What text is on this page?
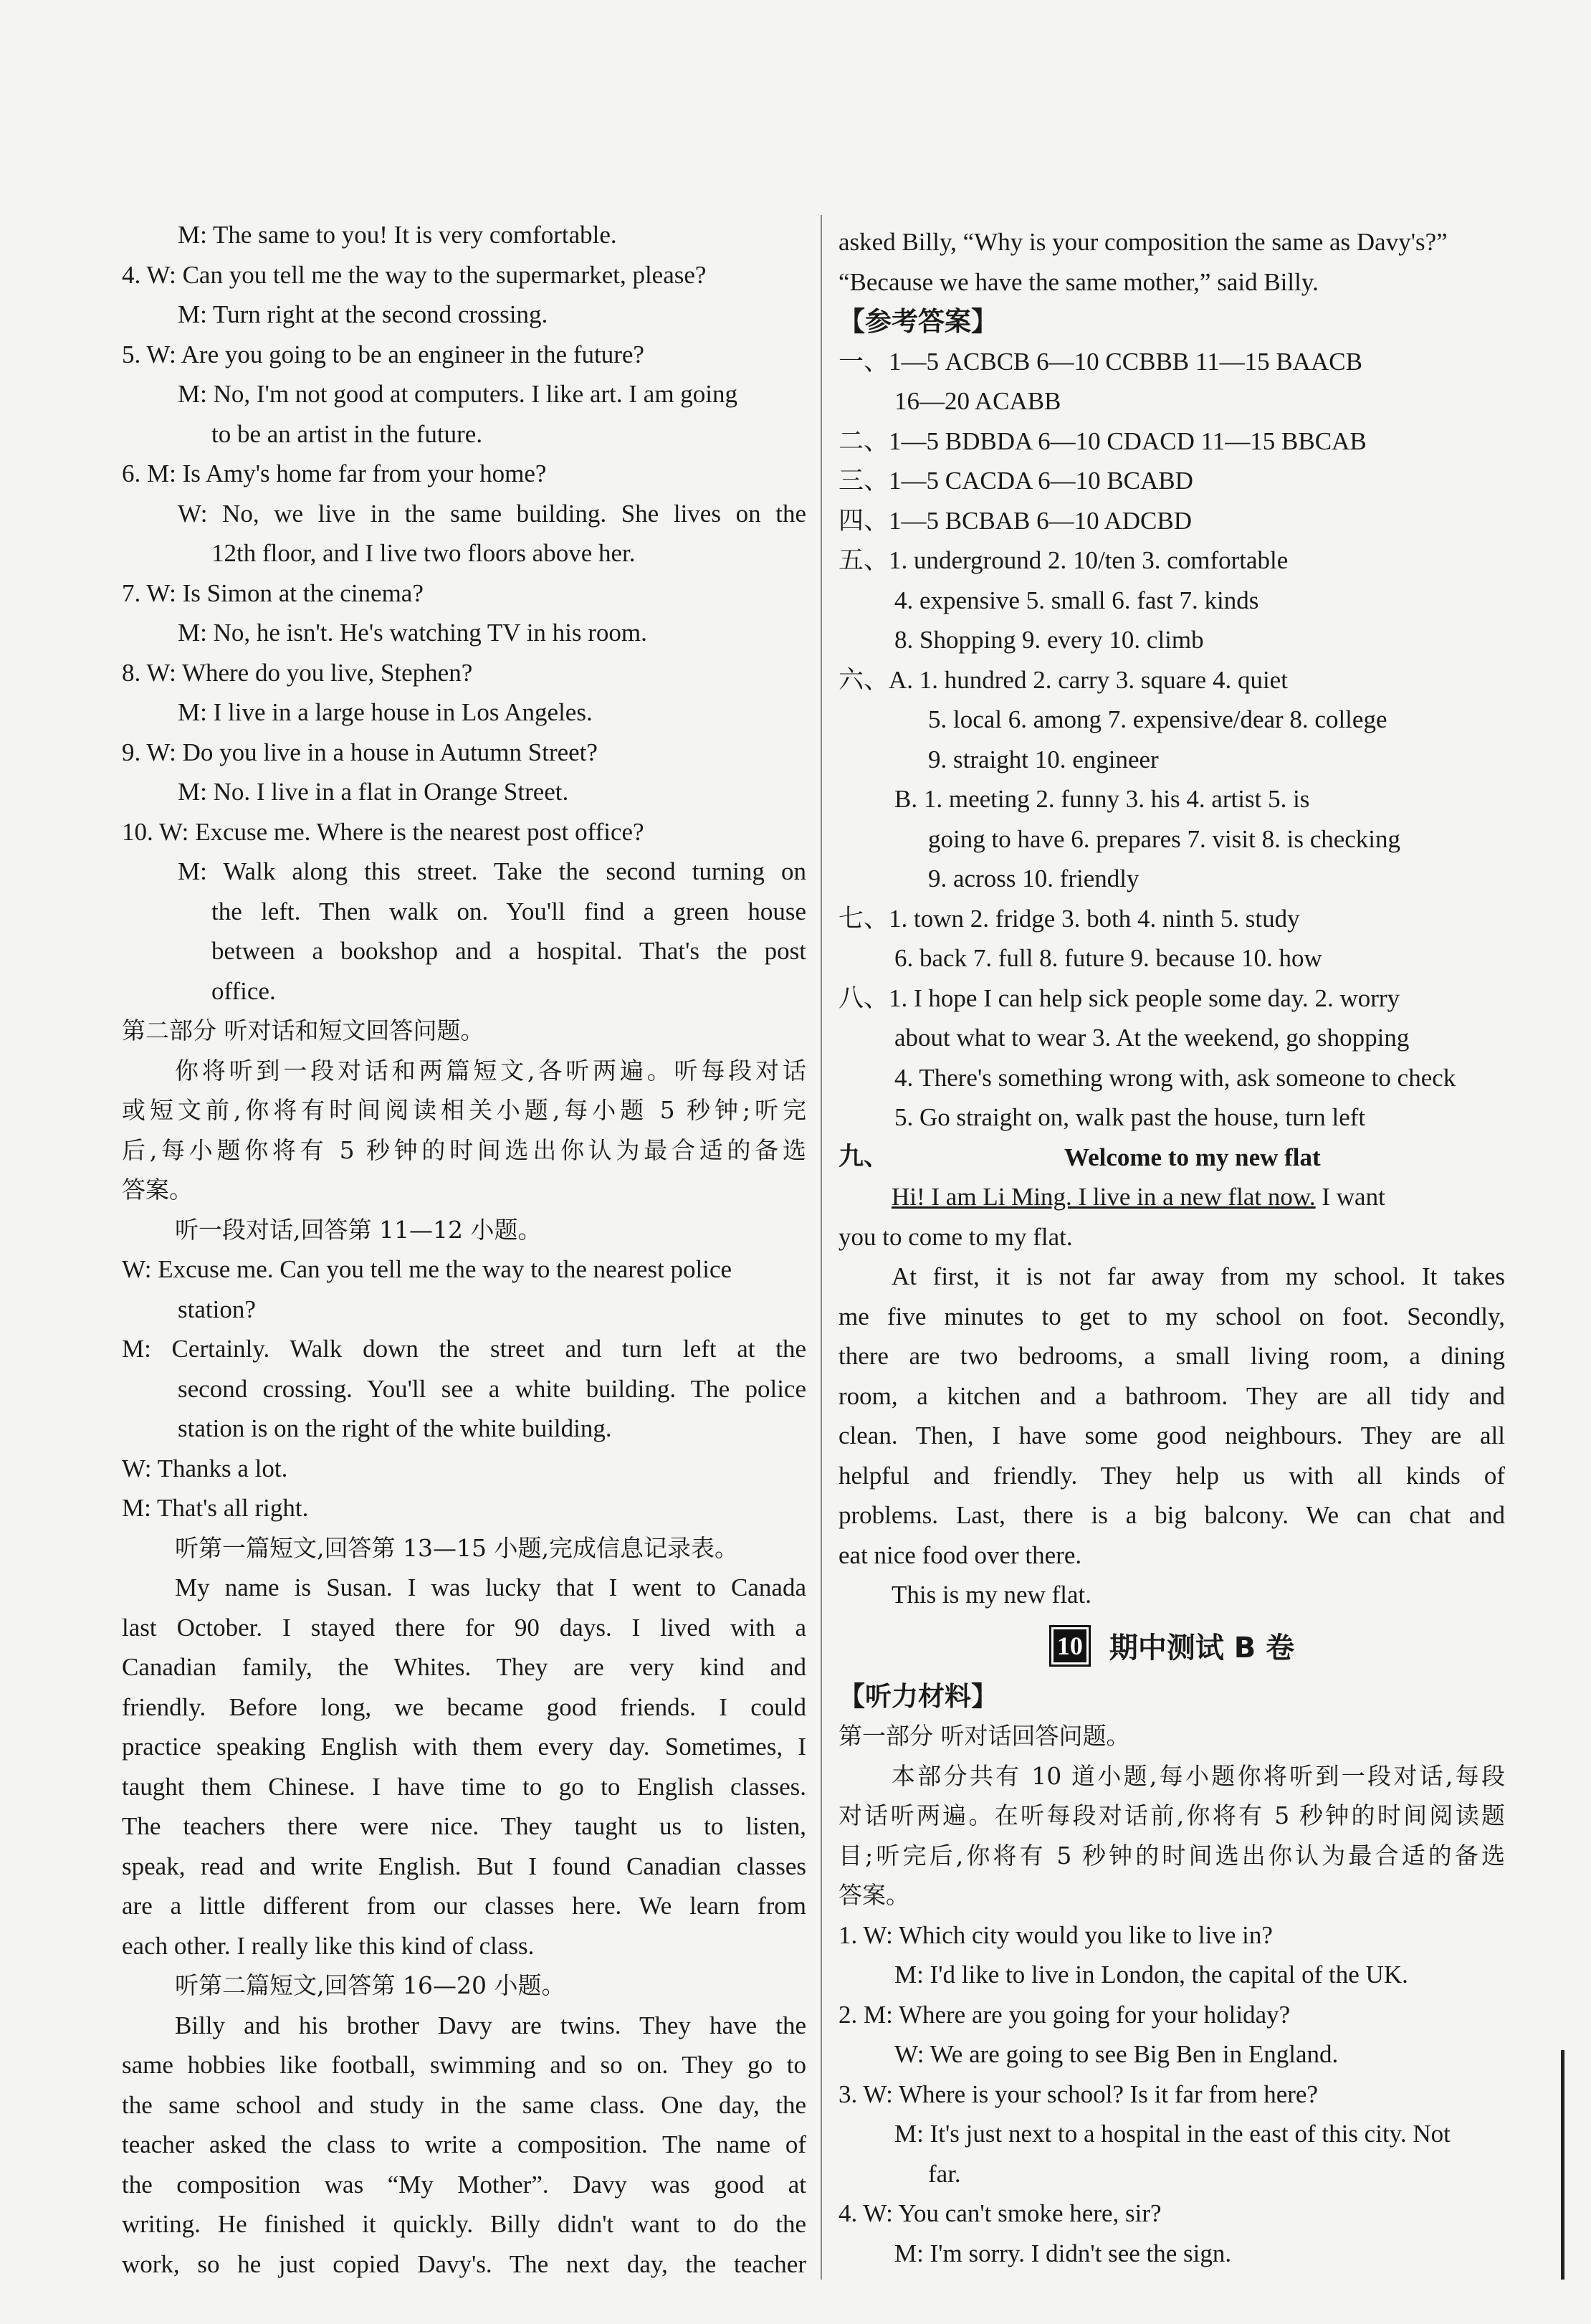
M: The same to you! It is very comfortable.
4. W: Can you tell me the way to the supermarket, please?
M: Turn right at the second crossing.
5. W: Are you going to be an engineer in the future?
M: No, I'm not good at computers. I like art. I am going
to be an artist in the future.
6. M: Is Amy's home far from your home?
W: No, we live in the same building. She lives on the
12th floor, and I live two floors above her.
7. W: Is Simon at the cinema?
M: No, he isn't. He's watching TV in his room.
8. W: Where do you live, Stephen?
M: I live in a large house in Los Angeles.
9. W: Do you live in a house in Autumn Street?
M: No. I live in a flat in Orange Street.
10. W: Excuse me. Where is the nearest post office?
M: Walk along this street. Take the second turning on
the left. Then walk on. You'll find a green house
between a bookshop and a hospital. That's the post
office.
第二部分 听对话和短文回答问题。
你将听到一段对话和两篇短文,各听两遍。听每段对话
或短文前,你将有时间阅读相关小题,每小题 5 秒钟;听完
后,每小题你将有 5 秒钟的时间选出你认为最合适的备选
答案。
听一段对话,回答第 11—12 小题。
W: Excuse me. Can you tell me the way to the nearest police
station?
M: Certainly. Walk down the street and turn left at the
second crossing. You'll see a white building. The police
station is on the right of the white building.
W: Thanks a lot.
M: That's all right.
听第一篇短文,回答第 13—15 小题,完成信息记录表。
My name is Susan. I was lucky that I went to Canada
last October. I stayed there for 90 days. I lived with a
Canadian family, the Whites. They are very kind and
friendly. Before long, we became good friends. I could
practice speaking English with them every day. Sometimes, I
taught them Chinese. I have time to go to English classes.
The teachers there were nice. They taught us to listen,
speak, read and write English. But I found Canadian classes
are a little different from our classes here. We learn from
each other. I really like this kind of class.
听第二篇短文,回答第 16—20 小题。
Billy and his brother Davy are twins. They have the
same hobbies like football, swimming and so on. They go to
the same school and study in the same class. One day, the
teacher asked the class to write a composition. The name of
the composition was “My Mother”. Davy was good at
writing. He finished it quickly. Billy didn't want to do the
work, so he just copied Davy's. The next day, the teacher
asked Billy, “Why is your composition the same as Davy's?”
“Because we have the same mother,” said Billy.
【参考答案】
一、1—5 ACBCB 6—10 CCBBB 11—15 BAACB
16—20 ACABB
二、1—5 BDBDA 6—10 CDACD 11—15 BBCAB
三、1—5 CACDA 6—10 BCABD
四、1—5 BCBAB 6—10 ADCBD
五、1. underground 2. 10/ten 3. comfortable
4. expensive 5. small 6. fast 7. kinds
8. Shopping 9. every 10. climb
六、A. 1. hundred 2. carry 3. square 4. quiet
5. local 6. among 7. expensive/dear 8. college
9. straight 10. engineer
B. 1. meeting 2. funny 3. his 4. artist 5. is
going to have 6. prepares 7. visit 8. is checking
9. across 10. friendly
七、1. town 2. fridge 3. both 4. ninth 5. study
6. back 7. full 8. future 9. because 10. how
八、1. I hope I can help sick people some day. 2. worry
about what to wear 3. At the weekend, go shopping
4. There's something wrong with, ask someone to check
5. Go straight on, walk past the house, turn left
九、	Welcome to my new flat
Hi! I am Li Ming. I live in a new flat now. I want
you to come to my flat.
At first, it is not far away from my school. It takes
me five minutes to get to my school on foot. Secondly,
there are two bedrooms, a small living room, a dining
room, a kitchen and a bathroom. They are all tidy and
clean. Then, I have some good neighbours. They are all
helpful and friendly. They help us with all kinds of
problems. Last, there is a big balcony. We can chat and
eat nice food over there.
This is my new flat.
10 期中测试 B 卷
【听力材料】
第一部分 听对话回答问题。
本部分共有 10 道小题,每小题你将听到一段对话,每段
对话听两遍。在听每段对话前,你将有 5 秒钟的时间阅读题
目;听完后,你将有 5 秒钟的时间选出你认为最合适的备选
答案。
1. W: Which city would you like to live in?
M: I'd like to live in London, the capital of the UK.
2. M: Where are you going for your holiday?
W: We are going to see Big Ben in England.
3. W: Where is your school? Is it far from here?
M: It's just next to a hospital in the east of this city. Not
far.
4. W: You can't smoke here, sir?
M: I'm sorry. I didn't see the sign.
